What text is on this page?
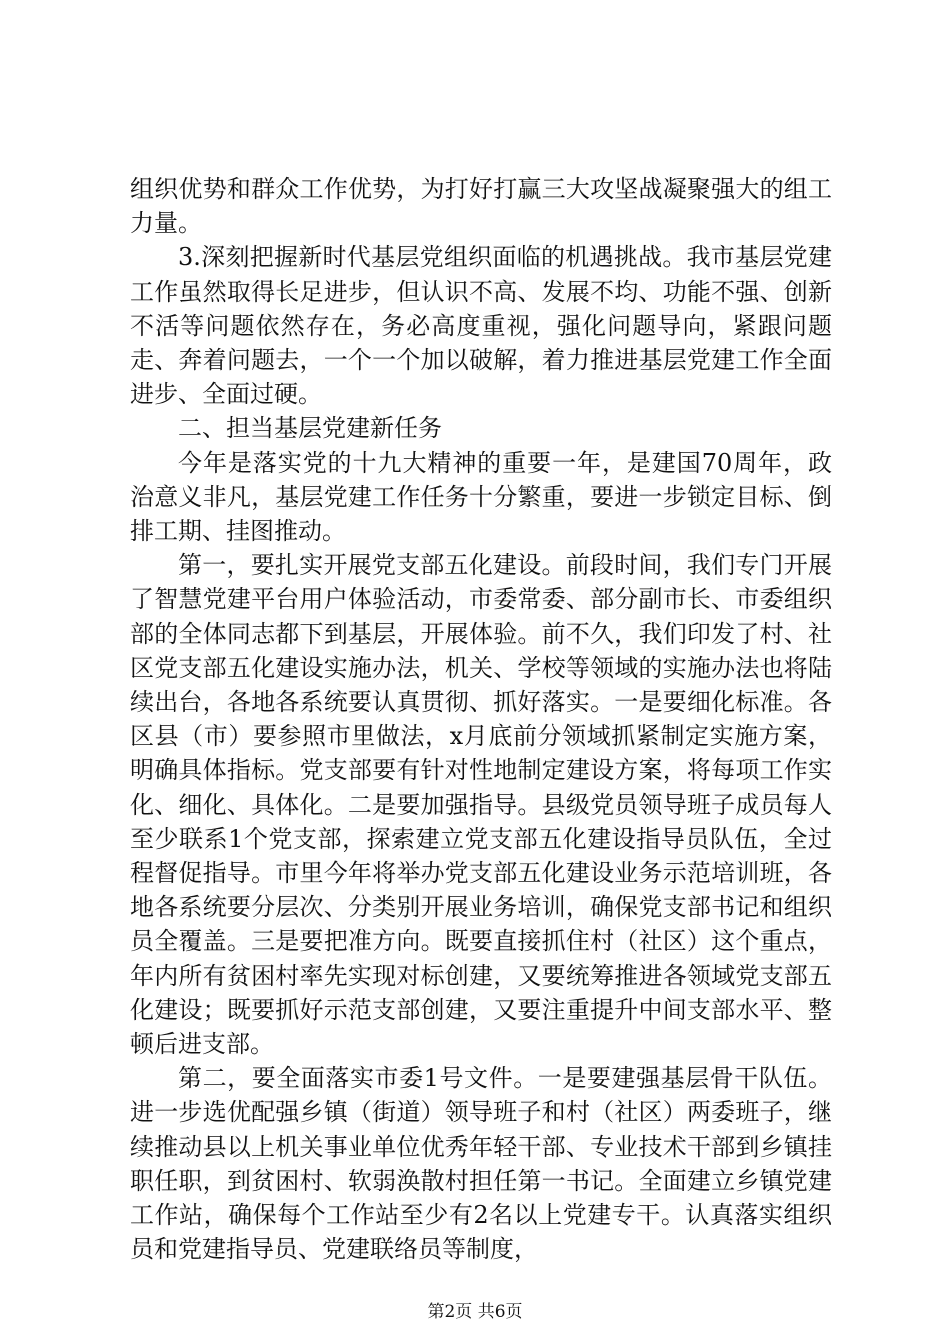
组织优势和群众工作优势，为打好打赢三大攻坚战凝聚强大的组工力量。

3.深刻把握新时代基层党组织面临的机遇挑战。我市基层党建工作虽然取得长足进步，但认识不高、发展不均、功能不强、创新不活等问题依然存在，务必高度重视，强化问题导向，紧跟问题走、奔着问题去，一个一个加以破解，着力推进基层党建工作全面进步、全面过硬。

二、担当基层党建新任务

今年是落实党的十九大精神的重要一年，是建国70周年，政治意义非凡，基层党建工作任务十分繁重，要进一步锁定目标、倒排工期、挂图推动。

第一，要扎实开展党支部五化建设。前段时间，我们专门开展了智慧党建平台用户体验活动，市委常委、部分副市长、市委组织部的全体同志都下到基层，开展体验。前不久，我们印发了村、社区党支部五化建设实施办法，机关、学校等领域的实施办法也将陆续出台，各地各系统要认真贯彻、抓好落实。一是要细化标准。各区县（市）要参照市里做法，x月底前分领域抓紧制定实施方案，明确具体指标。党支部要有针对性地制定建设方案，将每项工作实化、细化、具体化。二是要加强指导。县级党员领导班子成员每人至少联系1个党支部，探索建立党支部五化建设指导员队伍，全过程督促指导。市里今年将举办党支部五化建设业务示范培训班，各地各系统要分层次、分类别开展业务培训，确保党支部书记和组织员全覆盖。三是要把准方向。既要直接抓住村（社区）这个重点，年内所有贫困村率先实现对标创建，又要统筹推进各领域党支部五化建设；既要抓好示范支部创建，又要注重提升中间支部水平、整顿后进支部。

第二，要全面落实市委1号文件。一是要建强基层骨干队伍。进一步选优配强乡镇（街道）领导班子和村（社区）两委班子，继续推动县以上机关事业单位优秀年轻干部、专业技术干部到乡镇挂职任职，到贫困村、软弱涣散村担任第一书记。全面建立乡镇党建工作站，确保每个工作站至少有2名以上党建专干。认真落实组织员和党建指导员、党建联络员等制度，

第2页 共6页
